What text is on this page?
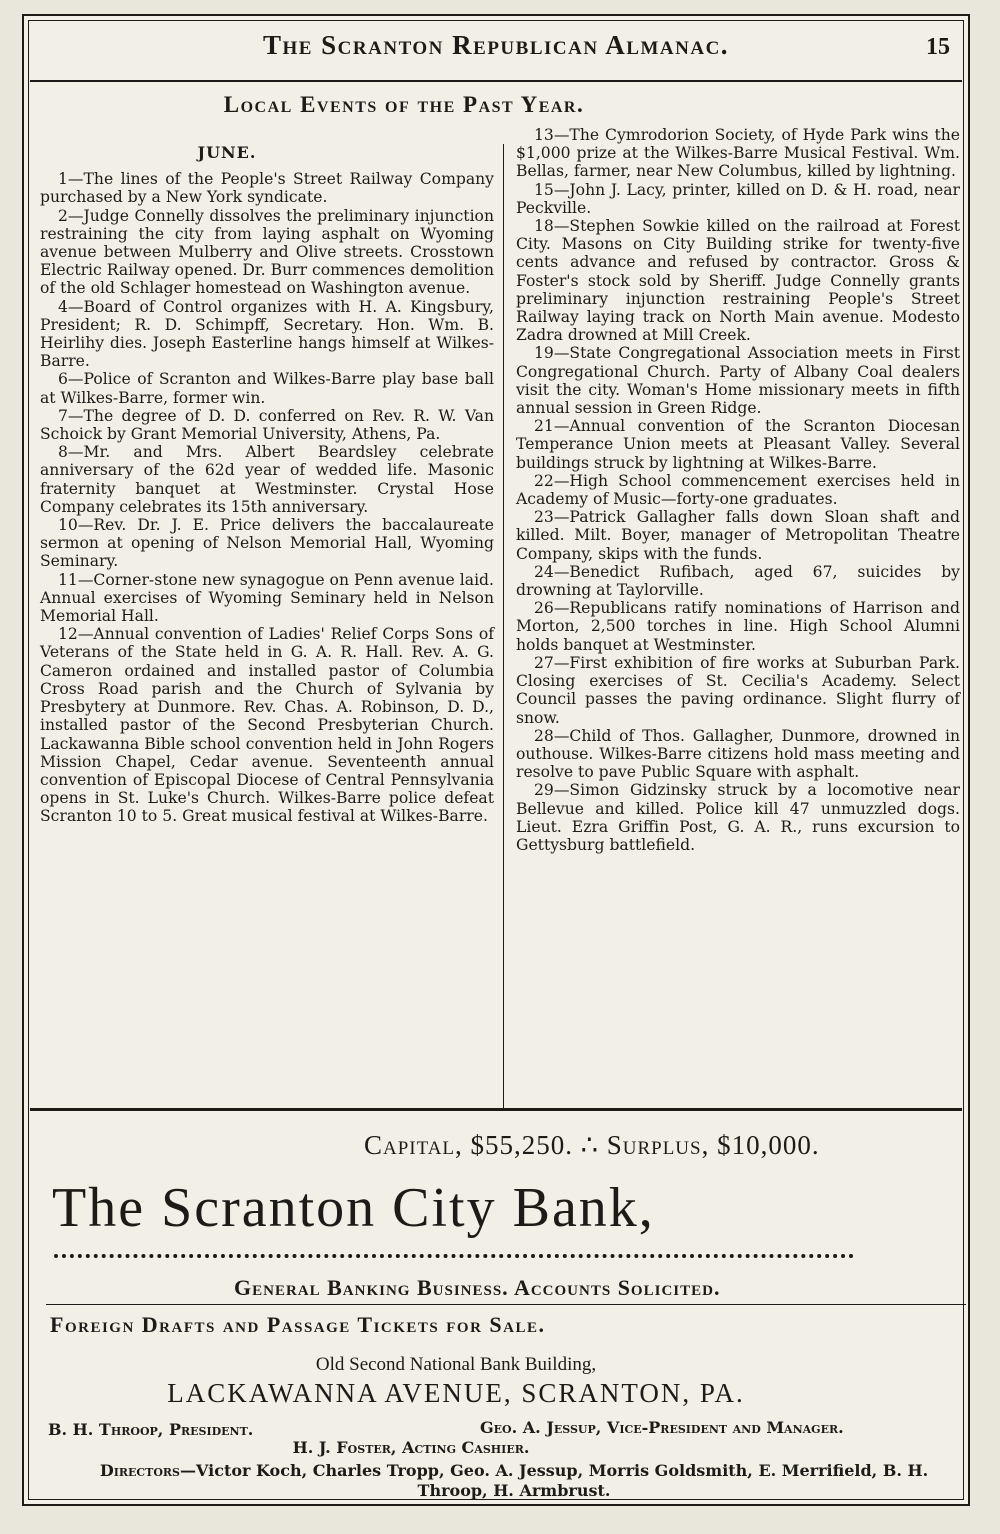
The Scranton Republican Almanac.	15
Local Events of the Past Year.
JUNE.

1—The lines of the People's Street Railway Company purchased by a New York syndicate.

2—Judge Connelly dissolves the preliminary injunction restraining the city from laying asphalt on Wyoming avenue between Mulberry and Olive streets. Crosstown Electric Railway opened. Dr. Burr commences demolition of the old Schlager homestead on Washington avenue.

4—Board of Control organizes with H. A. Kingsbury, President; R. D. Schimpff, Secretary. Hon. Wm. B. Heirlihy dies. Joseph Easterline hangs himself at Wilkes-Barre.

6—Police of Scranton and Wilkes-Barre play base ball at Wilkes-Barre, former win.

7—The degree of D. D. conferred on Rev. R. W. Van Schoick by Grant Memorial University, Athens, Pa.

8—Mr. and Mrs. Albert Beardsley celebrate anniversary of the 62d year of wedded life. Masonic fraternity banquet at Westminster. Crystal Hose Company celebrates its 15th anniversary.

10—Rev. Dr. J. E. Price delivers the baccalaureate sermon at opening of Nelson Memorial Hall, Wyoming Seminary.

11—Corner-stone new synagogue on Penn avenue laid. Annual exercises of Wyoming Seminary held in Nelson Memorial Hall.

12—Annual convention of Ladies' Relief Corps Sons of Veterans of the State held in G. A. R. Hall. Rev. A. G. Cameron ordained and installed pastor of Columbia Cross Road parish and the Church of Sylvania by Presbytery at Dunmore. Rev. Chas. A. Robinson, D. D., installed pastor of the Second Presbyterian Church. Lackawanna Bible school convention held in John Rogers Mission Chapel, Cedar avenue. Seventeenth annual convention of Episcopal Diocese of Central Pennsylvania opens in St. Luke's Church. Wilkes-Barre police defeat Scranton 10 to 5. Great musical festival at Wilkes-Barre.

13—The Cymrodorion Society, of Hyde Park wins the $1,000 prize at the Wilkes-Barre Musical Festival. Wm. Bellas, farmer, near New Columbus, killed by lightning.

15—John J. Lacy, printer, killed on D. & H. road, near Peckville.

18—Stephen Sowkie killed on the railroad at Forest City. Masons on City Building strike for twenty-five cents advance and refused by contractor. Gross & Foster's stock sold by Sheriff. Judge Connelly grants preliminary injunction restraining People's Street Railway laying track on North Main avenue. Modesto Zadra drowned at Mill Creek.

19—State Congregational Association meets in First Congregational Church. Party of Albany Coal dealers visit the city. Woman's Home missionary meets in fifth annual session in Green Ridge.

21—Annual convention of the Scranton Diocesan Temperance Union meets at Pleasant Valley. Several buildings struck by lightning at Wilkes-Barre.

22—High School commencement exercises held in Academy of Music—forty-one graduates.

23—Patrick Gallagher falls down Sloan shaft and killed. Milt. Boyer, manager of Metropolitan Theatre Company, skips with the funds.

24—Benedict Rufibach, aged 67, suicides by drowning at Taylorville.

26—Republicans ratify nominations of Harrison and Morton, 2,500 torches in line. High School Alumni holds banquet at Westminster.

27—First exhibition of fire works at Suburban Park. Closing exercises of St. Cecilia's Academy. Select Council passes the paving ordinance. Slight flurry of snow.

28—Child of Thos. Gallagher, Dunmore, drowned in outhouse. Wilkes-Barre citizens hold mass meeting and resolve to pave Public Square with asphalt.

29—Simon Gidzinsky struck by a locomotive near Bellevue and killed. Police kill 47 unmuzzled dogs. Lieut. Ezra Griffin Post, G. A. R., runs excursion to Gettysburg battlefield.

Capital, $55,250. ∴ Surplus, $10,000.
The Scranton City Bank,
General Banking Business. Accounts Solicited.
Foreign Drafts and Passage Tickets for Sale.
Old Second National Bank Building,
LACKAWANNA AVENUE, SCRANTON, PA.
B. H. Throop, President.	Geo. A. Jessup, Vice-President and Manager.
H. J. Foster, Acting Cashier.
Directors—Victor Koch, Charles Tropp, Geo. A. Jessup, Morris Goldsmith, E. Merrifield, B. H. Throop, H. Armbrust.
